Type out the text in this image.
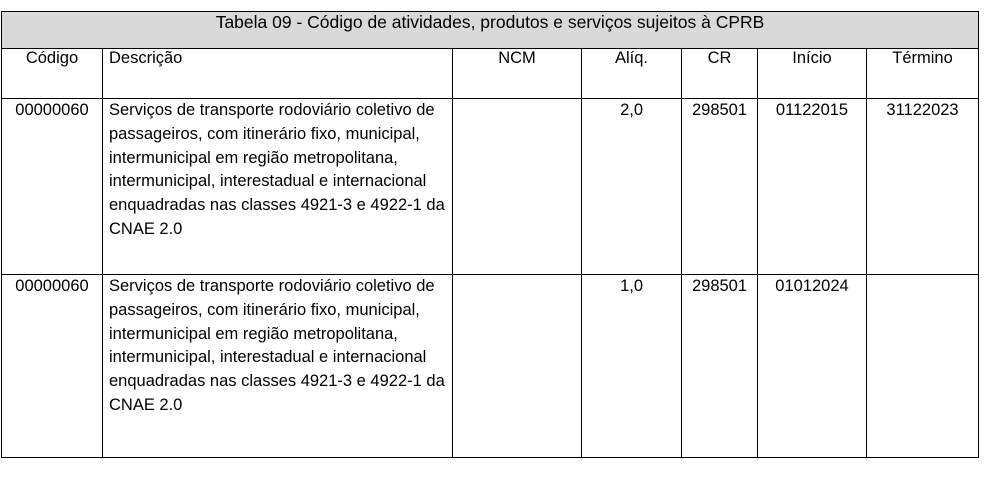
Tabela 09 - Código de atividades, produtos e serviços sujeitos à CPRB						
Código	Descrição	NCM	Alíq.	CR	Início	Término
00000060	Serviços de transporte rodoviário coletivo de passageiros, com itinerário fixo, municipal, intermunicipal em região metropolitana, intermunicipal, interestadual e internacional enquadradas nas classes 4921-3 e 4922-1 da CNAE 2.0		2,0	298501	01122015	31122023
00000060	Serviços de transporte rodoviário coletivo de passageiros, com itinerário fixo, municipal, intermunicipal em região metropolitana, intermunicipal, interestadual e internacional enquadradas nas classes 4921-3 e 4922-1 da CNAE 2.0		1,0	298501	01012024	
